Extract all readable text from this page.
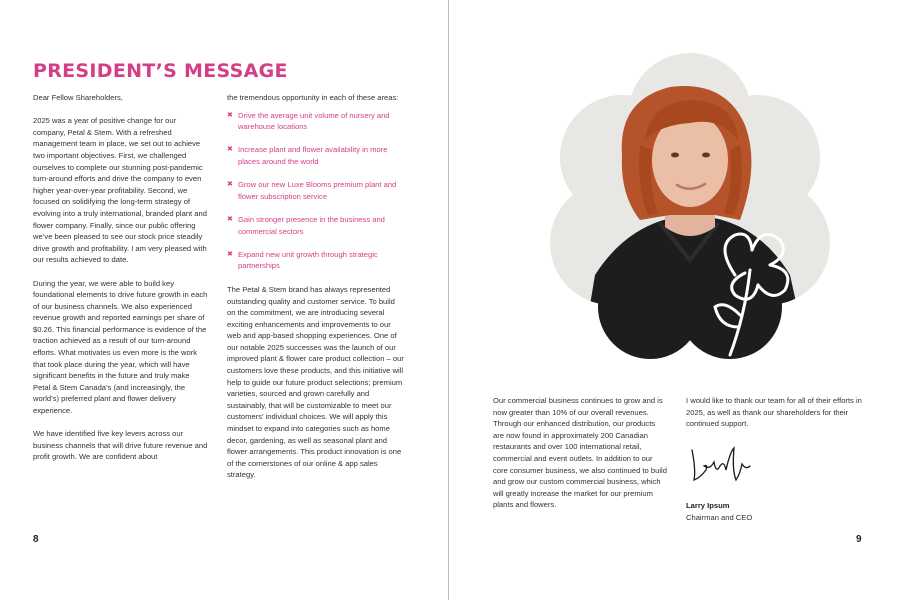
PRESIDENT’S MESSAGE

Dear Fellow Shareholders,

2025 was a year of positive change for our company, Petal & Stem. With a refreshed management team in place, we set out to achieve two important objectives. First, we challenged ourselves to complete our stunning post-pandemic turn-around efforts and drive the company to even higher year-over-year profitability. Second, we focused on solidifying the long-term strategy of evolving into a truly international, branded plant and flower company. Finally, since our public offering we’ve been pleased to see our stock price steadily drive growth and profitability. I am very pleased with our results achieved to date.

During the year, we were able to build key foundational elements to drive future growth in each of our business channels. We also experienced revenue growth and reported earnings per share of $0.26. This financial performance is evidence of the traction achieved as a result of our turn-around efforts. What motivates us even more is the work that took place during the year, which will have significant benefits in the future and truly make Petal & Stem Canada’s (and increasingly, the world’s) preferred plant and flower delivery experience.

We have identified five key levers across our business channels that will drive future revenue and profit growth. We are confident about

the tremendous opportunity in each of these areas:

✖ Drive the average unit volume of nursery and warehouse locations
✖ Increase plant and flower availability in more places around the world
✖ Grow our new Luxe Blooms premium plant and flower subscription service
✖ Gain stronger presence in the business and commercial sectors
✖ Expand new unit growth through strategic partnerships

The Petal & Stem brand has always represented outstanding quality and customer service. To build on the commitment, we are introducing several exciting enhancements and improvements to our web and app-based shopping experiences. One of our notable 2025 successes was the launch of our improved plant & flower care product collection – our customers love these products, and this initiative will help to guide our future product selections; premium varieties, sourced and grown carefully and sustainably, that will be customizable to meet our customers’ individual choices. We will apply this mindset to expand into categories such as home decor, gardening, as well as seasonal plant and flower arrangements. This product innovation is one of the cornerstones of our online & app sales strategy.

Our commercial business continues to grow and is now greater than 10% of our overall revenues. Through our enhanced distribution, our products are now found in approximately 200 Canadian restaurants and over 100 international retail, commercial and event outlets. In addition to our core consumer business, we also continued to build and grow our custom commercial business, which will greatly increase the market for our premium plants and flowers.

I would like to thank our team for all of their efforts in 2025, as well as thank our shareholders for their continued support.

Larry Ipsum
Chairman and CEO
8	9
